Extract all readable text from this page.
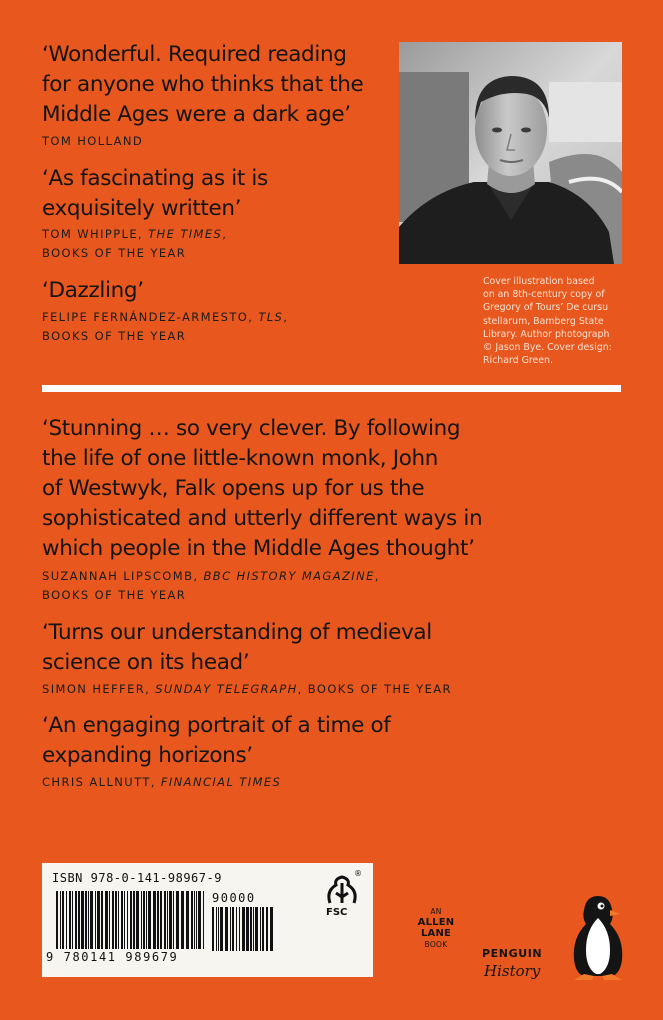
‘Wonderful. Required reading
for anyone who thinks that the
Middle Ages were a dark age’
TOM HOLLAND
‘As fascinating as it is
exquisitely written’
TOM WHIPPLE, THE TIMES,
BOOKS OF THE YEAR
‘Dazzling’
FELIPE FERNÁNDEZ-ARMESTO, TLS,
BOOKS OF THE YEAR
Cover illustration based
on an 8th-century copy of
Gregory of Tours’ De cursu
stellarum, Bamberg State
Library. Author photograph
© Jason Bye. Cover design:
Richard Green.
‘Stunning … so very clever. By following
the life of one little-known monk, John
of Westwyk, Falk opens up for us the
sophisticated and utterly different ways in
which people in the Middle Ages thought’
SUZANNAH LIPSCOMB, BBC HISTORY MAGAZINE,
BOOKS OF THE YEAR
‘Turns our understanding of medieval
science on its head’
SIMON HEFFER, SUNDAY TELEGRAPH, BOOKS OF THE YEAR
‘An engaging portrait of a time of
expanding horizons’
CHRIS ALLNUTT, FINANCIAL TIMES
ISBN 978-0-141-98967-9
9 780141 989679
90000
®
FSC	AN
ALLEN
LANE
BOOK
PENGUIN
History
